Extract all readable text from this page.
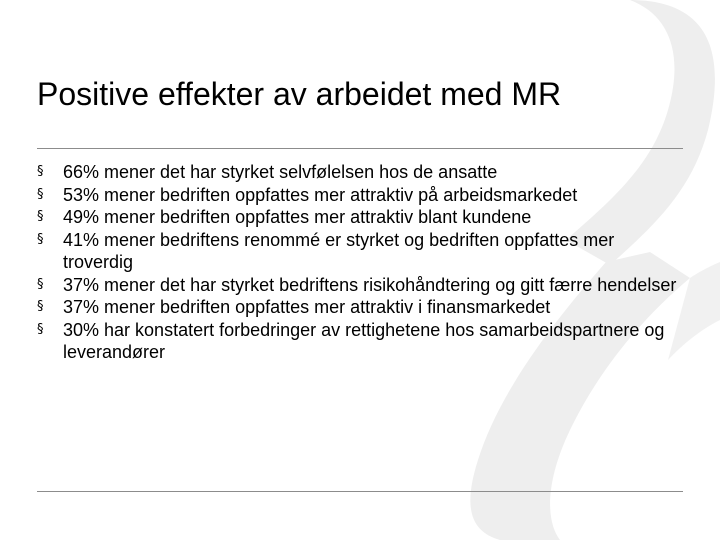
Positive effekter av arbeidet med MR
§ 66% mener det har styrket selvfølelsen hos de ansatte
§ 53% mener bedriften oppfattes mer attraktiv på arbeidsmarkedet
§ 49% mener bedriften oppfattes mer attraktiv blant kundene
§ 41% mener bedriftens renommé er styrket og bedriften oppfattes mer troverdig
§ 37% mener det har styrket bedriftens risikohåndtering og gitt færre hendelser
§ 37% mener bedriften oppfattes mer attraktiv i finansmarkedet
§ 30% har konstatert forbedringer av rettighetene hos samarbeidspartnere og leverandører
